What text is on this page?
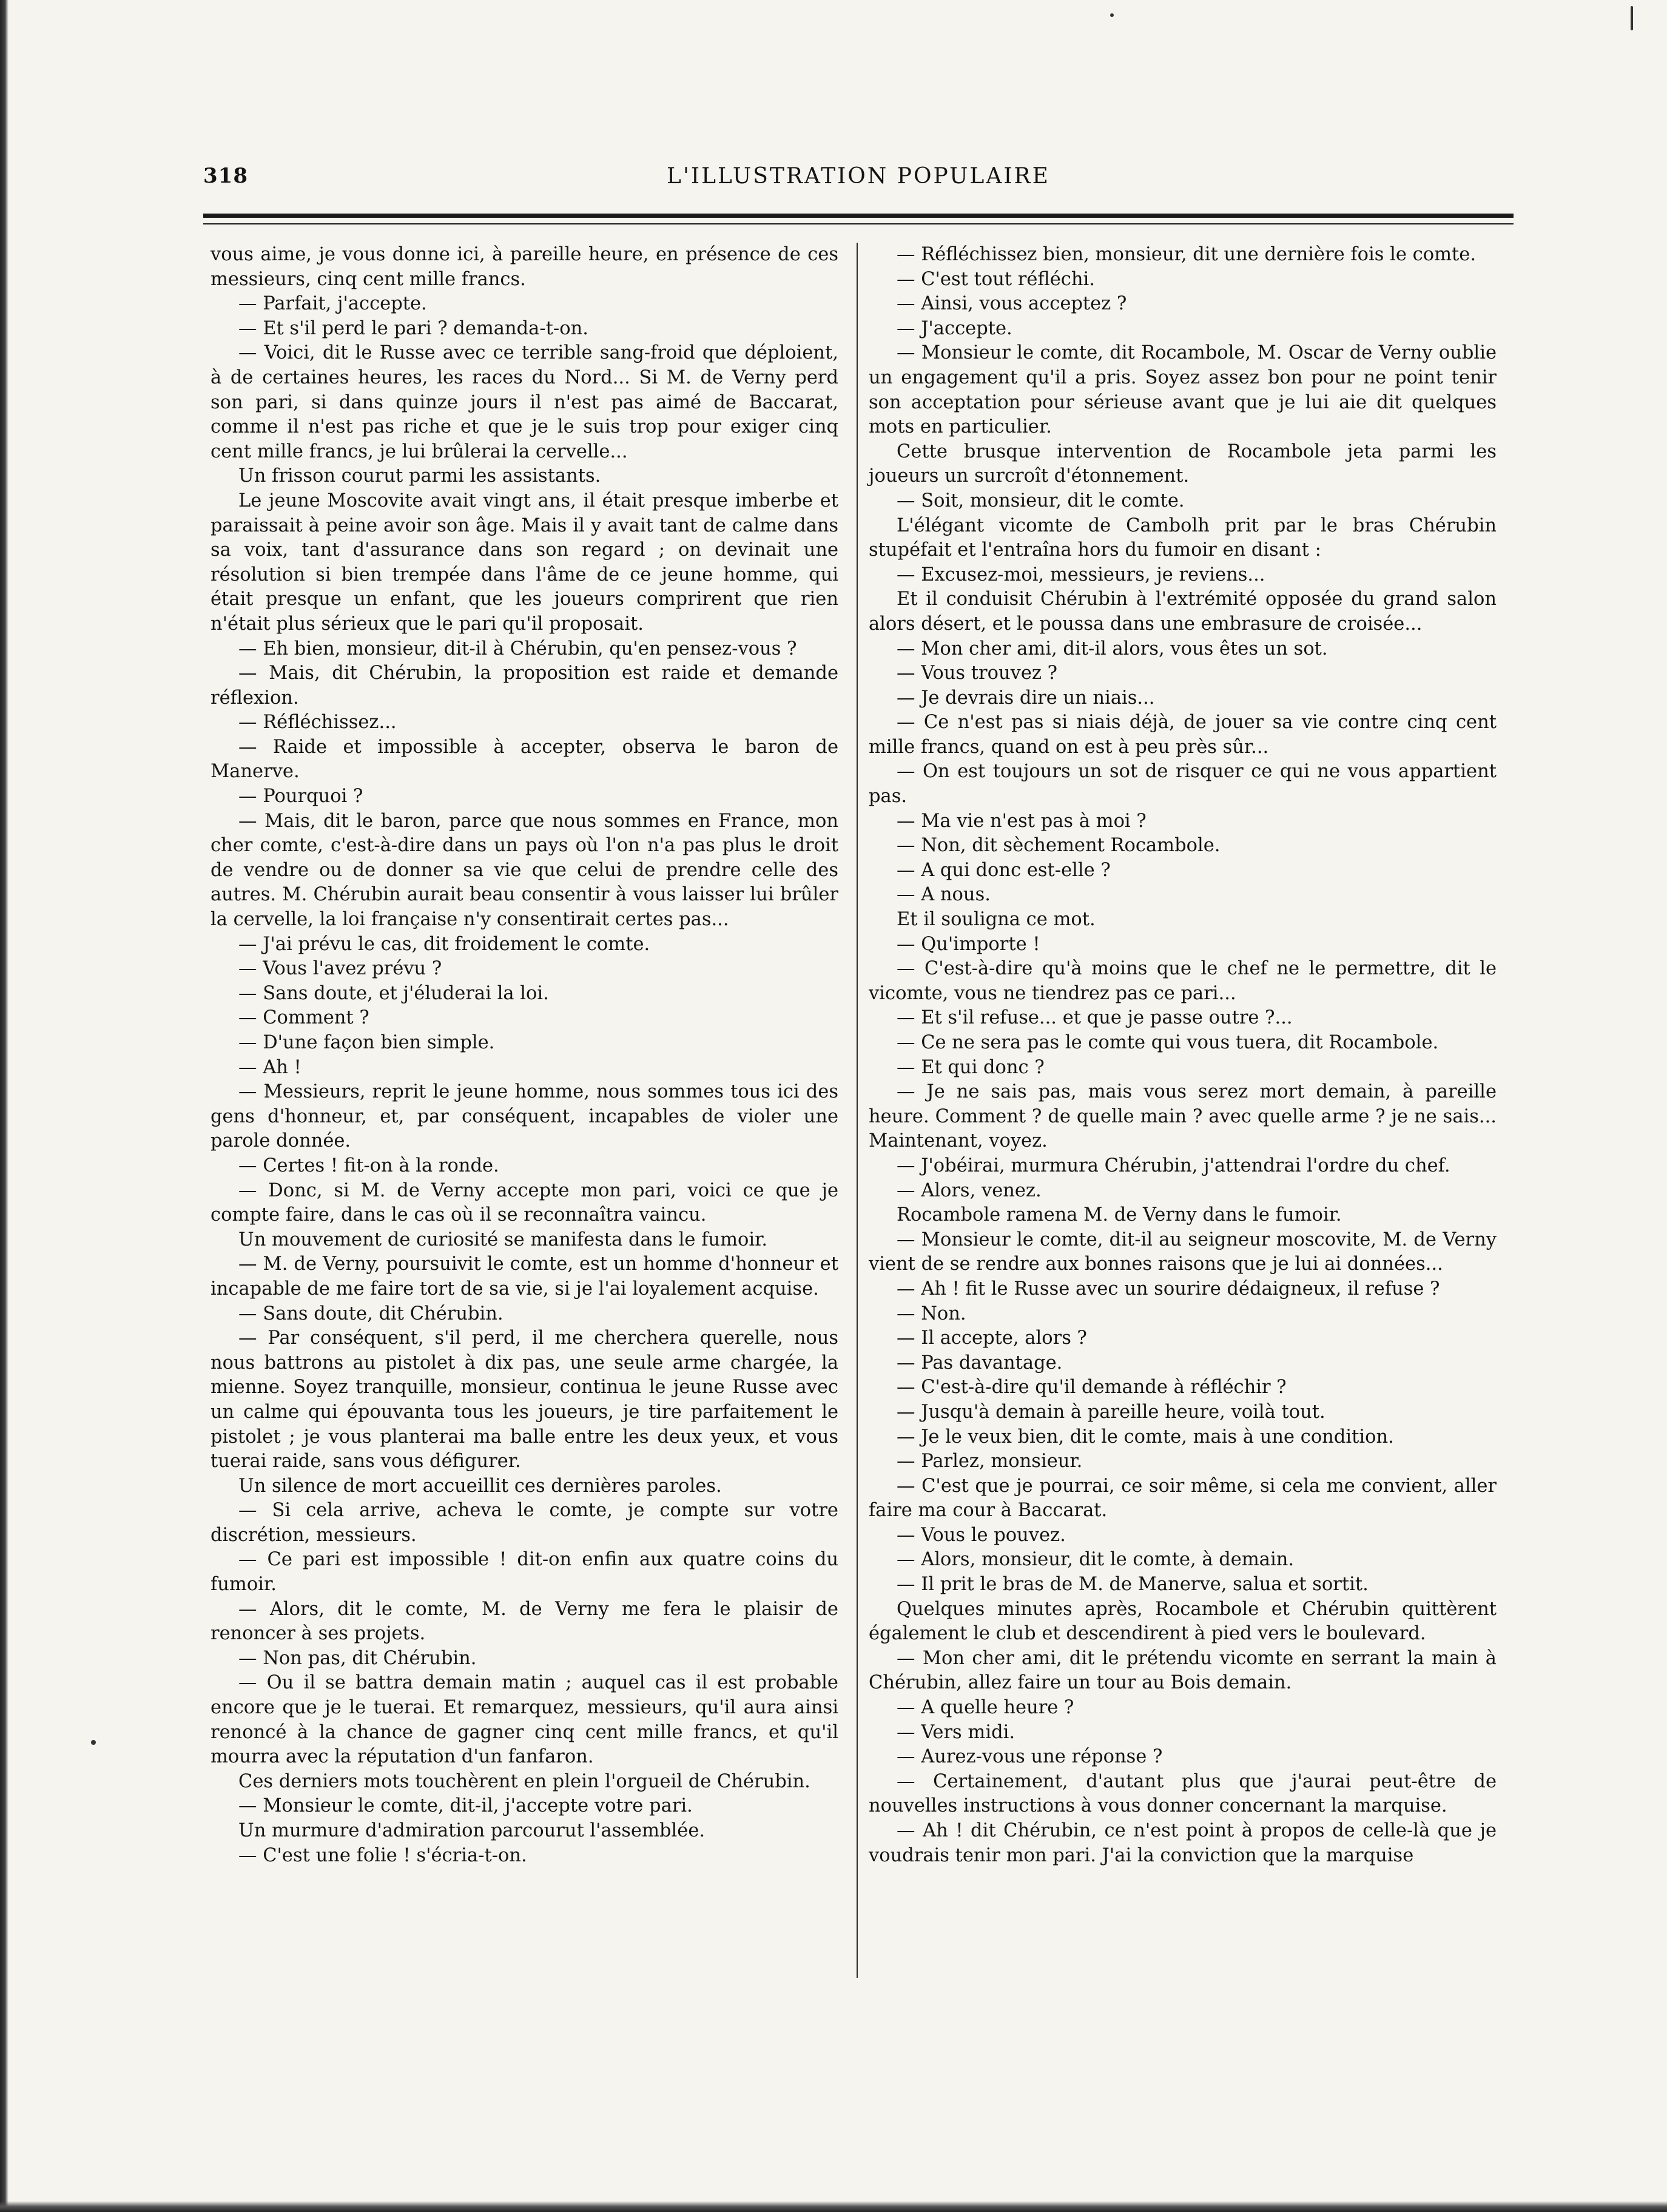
318	L'ILLUSTRATION POPULAIRE

vous aime, je vous donne ici, à pareille heure, en présence de ces messieurs, cinq cent mille francs.

— Parfait, j'accepte.

— Et s'il perd le pari ? demanda-t-on.

— Voici, dit le Russe avec ce terrible sang-froid que déploient, à de certaines heures, les races du Nord... Si M. de Verny perd son pari, si dans quinze jours il n'est pas aimé de Baccarat, comme il n'est pas riche et que je le suis trop pour exiger cinq cent mille francs, je lui brûlerai la cervelle...

Un frisson courut parmi les assistants.

Le jeune Moscovite avait vingt ans, il était presque imberbe et paraissait à peine avoir son âge. Mais il y avait tant de calme dans sa voix, tant d'assurance dans son regard ; on devinait une résolution si bien trempée dans l'âme de ce jeune homme, qui était presque un enfant, que les joueurs comprirent que rien n'était plus sérieux que le pari qu'il proposait.

— Eh bien, monsieur, dit-il à Chérubin, qu'en pensez-vous ?

— Mais, dit Chérubin, la proposition est raide et demande réflexion.

— Réfléchissez...

— Raide et impossible à accepter, observa le baron de Manerve.

— Pourquoi ?

— Mais, dit le baron, parce que nous sommes en France, mon cher comte, c'est-à-dire dans un pays où l'on n'a pas plus le droit de vendre ou de donner sa vie que celui de prendre celle des autres. M. Chérubin aurait beau consentir à vous laisser lui brûler la cervelle, la loi française n'y consentirait certes pas...

— J'ai prévu le cas, dit froidement le comte.

— Vous l'avez prévu ?

— Sans doute, et j'éluderai la loi.

— Comment ?

— D'une façon bien simple.

— Ah !

— Messieurs, reprit le jeune homme, nous sommes tous ici des gens d'honneur, et, par conséquent, incapables de violer une parole donnée.

— Certes ! fit-on à la ronde.

— Donc, si M. de Verny accepte mon pari, voici ce que je compte faire, dans le cas où il se reconnaîtra vaincu.

Un mouvement de curiosité se manifesta dans le fumoir.

— M. de Verny, poursuivit le comte, est un homme d'honneur et incapable de me faire tort de sa vie, si je l'ai loyalement acquise.

— Sans doute, dit Chérubin.

— Par conséquent, s'il perd, il me cherchera querelle, nous nous battrons au pistolet à dix pas, une seule arme chargée, la mienne. Soyez tranquille, monsieur, continua le jeune Russe avec un calme qui épouvanta tous les joueurs, je tire parfaitement le pistolet ; je vous planterai ma balle entre les deux yeux, et vous tuerai raide, sans vous défigurer.

Un silence de mort accueillit ces dernières paroles.

— Si cela arrive, acheva le comte, je compte sur votre discrétion, messieurs.

— Ce pari est impossible ! dit-on enfin aux quatre coins du fumoir.

— Alors, dit le comte, M. de Verny me fera le plaisir de renoncer à ses projets.

— Non pas, dit Chérubin.

— Ou il se battra demain matin ; auquel cas il est probable encore que je le tuerai. Et remarquez, messieurs, qu'il aura ainsi renoncé à la chance de gagner cinq cent mille francs, et qu'il mourra avec la réputation d'un fanfaron.

Ces derniers mots touchèrent en plein l'orgueil de Chérubin.

— Monsieur le comte, dit-il, j'accepte votre pari.

Un murmure d'admiration parcourut l'assemblée.

— C'est une folie ! s'écria-t-on.

— Réfléchissez bien, monsieur, dit une dernière fois le comte.

— C'est tout réfléchi.

— Ainsi, vous acceptez ?

— J'accepte.

— Monsieur le comte, dit Rocambole, M. Oscar de Verny oublie un engagement qu'il a pris. Soyez assez bon pour ne point tenir son acceptation pour sérieuse avant que je lui aie dit quelques mots en particulier.

Cette brusque intervention de Rocambole jeta parmi les joueurs un surcroît d'étonnement.

— Soit, monsieur, dit le comte.

L'élégant vicomte de Cambolh prit par le bras Chérubin stupéfait et l'entraîna hors du fumoir en disant :

— Excusez-moi, messieurs, je reviens...

Et il conduisit Chérubin à l'extrémité opposée du grand salon alors désert, et le poussa dans une embrasure de croisée...

— Mon cher ami, dit-il alors, vous êtes un sot.

— Vous trouvez ?

— Je devrais dire un niais...

— Ce n'est pas si niais déjà, de jouer sa vie contre cinq cent mille francs, quand on est à peu près sûr...

— On est toujours un sot de risquer ce qui ne vous appartient pas.

— Ma vie n'est pas à moi ?

— Non, dit sèchement Rocambole.

— A qui donc est-elle ?

— A nous.

Et il souligna ce mot.

— Qu'importe !

— C'est-à-dire qu'à moins que le chef ne le permettre, dit le vicomte, vous ne tiendrez pas ce pari...

— Et s'il refuse... et que je passe outre ?...

— Ce ne sera pas le comte qui vous tuera, dit Rocambole.

— Et qui donc ?

— Je ne sais pas, mais vous serez mort demain, à pareille heure. Comment ? de quelle main ? avec quelle arme ? je ne sais... Maintenant, voyez.

— J'obéirai, murmura Chérubin, j'attendrai l'ordre du chef.

— Alors, venez.

Rocambole ramena M. de Verny dans le fumoir.

— Monsieur le comte, dit-il au seigneur moscovite, M. de Verny vient de se rendre aux bonnes raisons que je lui ai données...

— Ah ! fit le Russe avec un sourire dédaigneux, il refuse ?

— Non.

— Il accepte, alors ?

— Pas davantage.

— C'est-à-dire qu'il demande à réfléchir ?

— Jusqu'à demain à pareille heure, voilà tout.

— Je le veux bien, dit le comte, mais à une condition.

— Parlez, monsieur.

— C'est que je pourrai, ce soir même, si cela me convient, aller faire ma cour à Baccarat.

— Vous le pouvez.

— Alors, monsieur, dit le comte, à demain.

— Il prit le bras de M. de Manerve, salua et sortit.

Quelques minutes après, Rocambole et Chérubin quittèrent également le club et descendirent à pied vers le boulevard.

— Mon cher ami, dit le prétendu vicomte en serrant la main à Chérubin, allez faire un tour au Bois demain.

— A quelle heure ?

— Vers midi.

— Aurez-vous une réponse ?

— Certainement, d'autant plus que j'aurai peut-être de nouvelles instructions à vous donner concernant la marquise.

— Ah ! dit Chérubin, ce n'est point à propos de celle-là que je voudrais tenir mon pari. J'ai la conviction que la marquise
